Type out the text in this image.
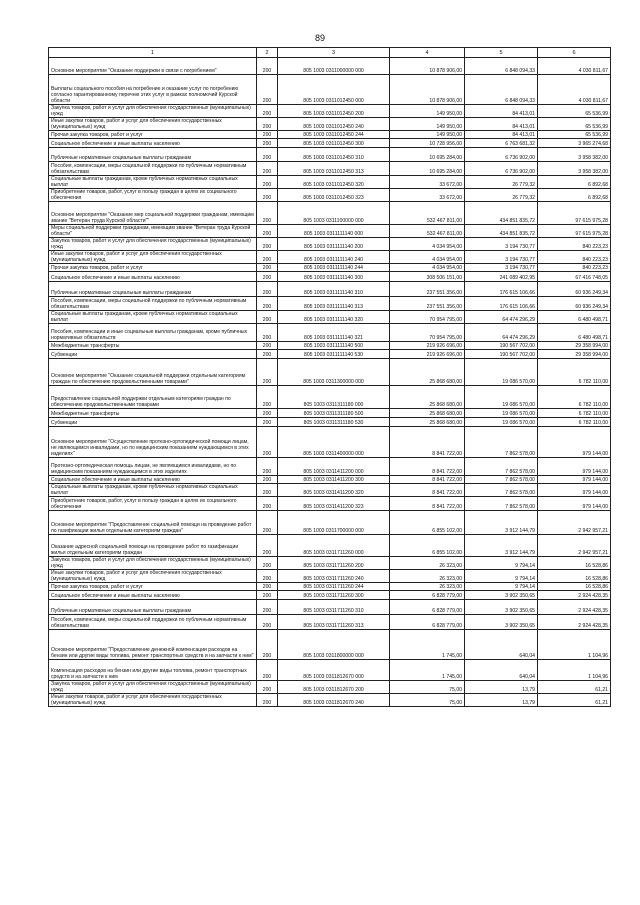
89
1	2	3	4	5	6
Основное мероприятие "Оказание поддержки в связи с погребением"	200	805 1003 0311000000 000	10 878 906,00	6 848 094,33	4 030 811,67
Выплаты социального пособия на погребение и оказание услуг по погребению согласно гарантированному перечню этих услуг в рамках полномочий Курской области	200	805 1003 0311012450 000	10 878 906,00	6 848 094,33	4 030 811,67
Закупка товаров, работ и услуг для обеспечения государственных (муниципальных) нужд	200	805 1003 0311012450 200	149 950,00	84 413,01	65 536,99
Иные закупки товаров, работ и услуг для обеспечения государственных (муниципальных) нужд	200	805 1003 0311012450 240	149 950,00	84 413,01	65 536,99
Прочая закупка товаров, работ и услуг	200	805 1003 0311012450 244	149 950,00	84 413,01	65 536,99
Социальное обеспечение и иные выплаты населению	200	805 1003 0311012450 300	10 728 956,00	6 763 681,32	3 965 274,68
Публичные нормативные социальные выплаты гражданам	200	805 1003 0311012450 310	10 695 284,00	6 736 902,00	3 958 382,00
Пособия, компенсации, меры социальной поддержки по публичным нормативным обязательствам	200	805 1003 0311012450 313	10 695 284,00	6 736 902,00	3 958 382,00
Социальные выплаты гражданам, кроме публичных нормативных социальных выплат	200	805 1003 0311012450 320	33 672,00	26 779,32	6 892,68
Приобретение товаров, работ, услуг в пользу граждан в целях их социального обеспечения	200	805 1003 0311012450 323	33 672,00	26 779,32	6 892,68
Основное мероприятие "Оказание мер социальной поддержки гражданам, имеющим звание "Ветеран труда Курской области""	200	805 1003 0311100000 000	532 467 811,00	434 851 835,72	97 615 975,28
Меры социальной поддержки гражданам, имеющим звание "Ветеран труда Курской области"	200	805 1003 0311111140 000	532 467 811,00	434 851 835,72	97 615 975,28
Закупка товаров, работ и услуг для обеспечения государственных (муниципальных) нужд	200	805 1003 0311111140 200	4 034 954,00	3 194 730,77	840 223,23
Иные закупки товаров, работ и услуг для обеспечения государственных (муниципальных) нужд	200	805 1003 0311111140 240	4 034 954,00	3 194 730,77	840 223,23
Прочая закупка товаров, работ и услуг	200	805 1003 0311111140 244	4 034 954,00	3 194 730,77	840 223,23
Социальное обеспечение и иные выплаты населению	200	805 1003 0311111140 300	308 506 151,00	241 089 402,95	67 416 748,05
Публичные нормативные социальные выплаты гражданам	200	805 1003 0311111140 310	237 551 356,00	176 615 106,66	60 936 249,34
Пособия, компенсации, меры социальной поддержки по публичным нормативным обязательствам	200	805 1003 0311111140 313	237 551 356,00	176 615 106,66	60 936 249,34
Социальные выплаты гражданам, кроме публичных нормативных социальных выплат	200	805 1003 0311111140 320	70 954 795,00	64 474 296,29	6 480 498,71
Пособия, компенсации и иные социальные выплаты гражданам, кроме публичных нормативных обязательств	200	805 1003 0311111140 321	70 954 795,00	64 474 296,29	6 480 498,71
Межбюджетные трансферты	200	805 1003 0311111140 500	219 926 696,00	190 567 702,00	29 358 994,00
Субвенции	200	805 1003 0311111140 530	219 926 696,00	190 567 702,00	29 358 994,00
Основное мероприятие "Оказание социальной поддержки отдельным категориям граждан по обеспечению продовольственными товарами"	200	805 1003 0311300000 000	25 868 680,00	19 086 570,00	6 782 110,00
Предоставление социальной поддержки отдельным категориям граждан по обеспечению продовольственными товарами	200	805 1003 0311311180 000	25 868 680,00	19 086 570,00	6 782 110,00
Межбюджетные трансферты	200	805 1003 0311311180 500	25 868 680,00	19 086 570,00	6 782 110,00
Субвенции	200	805 1003 0311311180 530	25 868 680,00	19 086 570,00	6 782 110,00
Основное мероприятие "Осуществление протезно-ортопедической помощи лицам, не являющимся инвалидами, но по медицинским показаниям нуждающимся в этих изделиях"	200	805 1003 0311400000 000	8 841 722,00	7 862 578,00	979 144,00
Протезно-ортопедическая помощь лицам, не являющимся инвалидами, но по медицинским показаниям нуждающимся в этих изделиях	200	805 1003 0311411200 000	8 841 722,00	7 862 578,00	979 144,00
Социальное обеспечение и иные выплаты населению	200	805 1003 0311411200 300	8 841 722,00	7 862 578,00	979 144,00
Социальные выплаты гражданам, кроме публичных нормативных социальных выплат	200	805 1003 0311411200 320	8 841 722,00	7 862 578,00	979 144,00
Приобретение товаров, работ, услуг в пользу граждан в целях их социального обеспечения	200	805 1003 0311411200 323	8 841 722,00	7 862 578,00	979 144,00
Основное мероприятие "Предоставление социальной помощи на проведение работ по газификации жилья отдельным категориям граждан"	200	805 1003 0311700000 000	6 855 102,00	3 912 144,79	2 942 957,21
Оказание адресной социальной помощи на проведение работ по газификации жилья отдельным категориям граждан	200	805 1003 0311711260 000	6 855 102,00	3 912 144,79	2 942 957,21
Закупка товаров, работ и услуг для обеспечения государственных (муниципальных) нужд	200	805 1003 0311711260 200	26 323,00	9 794,14	16 528,86
Иные закупки товаров, работ и услуг для обеспечения государственных (муниципальных) нужд	200	805 1003 0311711260 240	26 323,00	9 794,14	16 528,86
Прочая закупка товаров, работ и услуг	200	805 1003 0311711260 244	26 323,00	9 794,14	16 528,86
Социальное обеспечение и иные выплаты населению	200	805 1003 0311711260 300	6 828 779,00	3 902 350,65	2 924 428,35
Публичные нормативные социальные выплаты гражданам	200	805 1003 0311711260 310	6 828 779,00	3 902 350,65	2 924 428,35
Пособия, компенсации, меры социальной поддержки по публичным нормативным обязательствам	200	805 1003 0311711260 313	6 828 779,00	3 902 350,65	2 924 428,35
Основное мероприятие "Предоставление денежной компенсации расходов на бензин или другие виды топлива, ремонт транспортных средств и на запчасти к ним"	200	805 1003 0311800000 000	1 745,00	640,04	1 104,96
Компенсация расходов на бензин или другие виды топлива, ремонт транспортных средств и на запчасти к ним	200	805 1003 0311812670 000	1 745,00	640,04	1 104,96
Закупка товаров, работ и услуг для обеспечения государственных (муниципальных) нужд	200	805 1003 0311812670 200	75,00	13,79	61,21
Иные закупки товаров, работ и услуг для обеспечения государственных (муниципальных) нужд	200	805 1003 0311812670 240	75,00	13,79	61,21
